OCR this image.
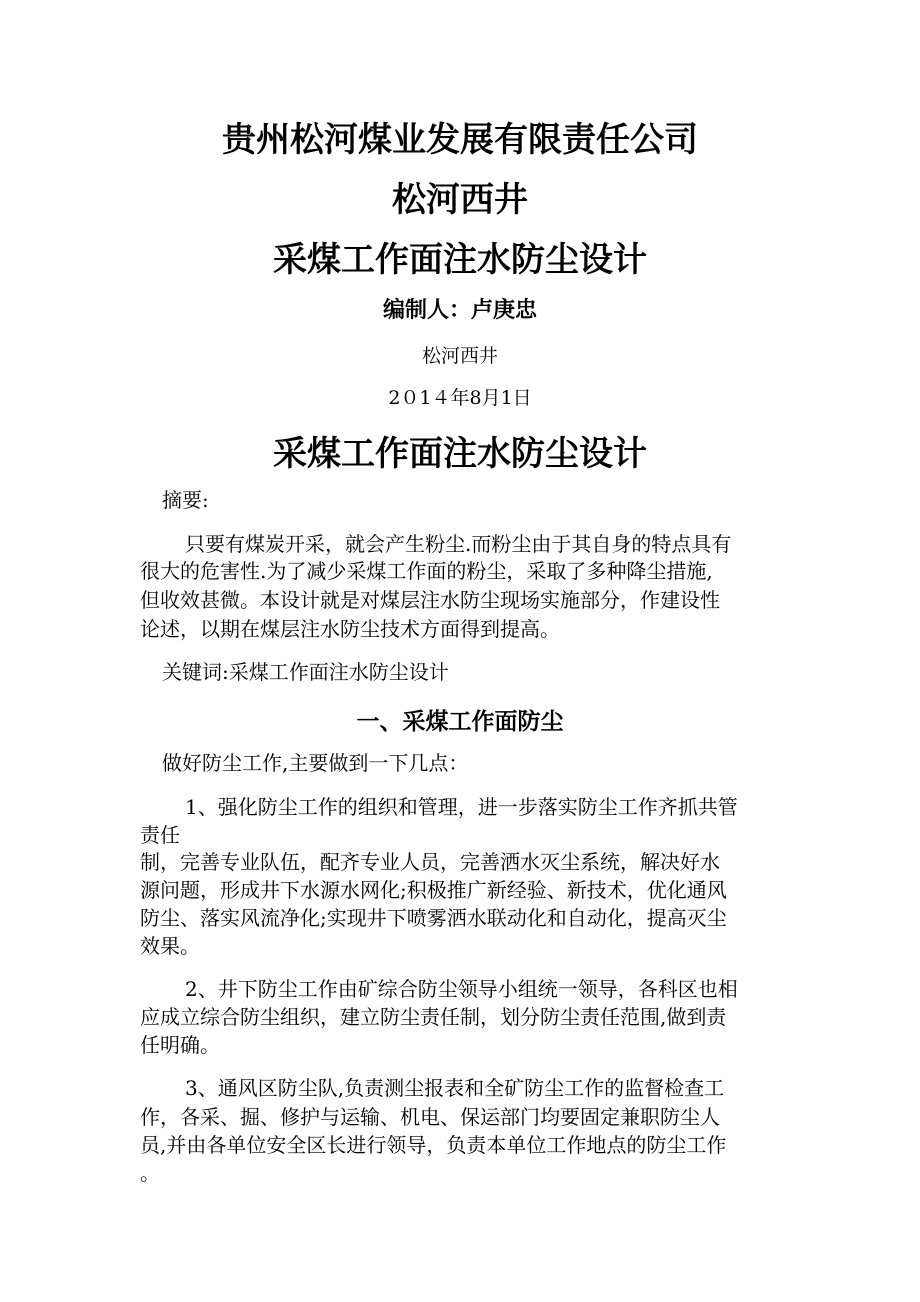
贵州松河煤业发展有限责任公司
松河西井
采煤工作面注水防尘设计
编制人：卢庚忠
松河西井
2０1４年8月1日
采煤工作面注水防尘设计
摘要:
只要有煤炭开采，就会产生粉尘.而粉尘由于其自身的特点具有
很大的危害性.为了减少采煤工作面的粉尘，采取了多种降尘措施,
但收效甚微。本设计就是对煤层注水防尘现场实施部分，作建设性
论述，以期在煤层注水防尘技术方面得到提高。
关键词:采煤工作面注水防尘设计
一、采煤工作面防尘
做好防尘工作,主要做到一下几点：
1、强化防尘工作的组织和管理，进一步落实防尘工作齐抓共管
责任
制，完善专业队伍，配齐专业人员，完善洒水灭尘系统，解决好水
源问题，形成井下水源水网化;积极推广新经验、新技术，优化通风
防尘、落实风流净化;实现井下喷雾洒水联动化和自动化，提高灭尘
效果。
2、井下防尘工作由矿综合防尘领导小组统一领导，各科区也相
应成立综合防尘组织，建立防尘责任制，划分防尘责任范围,做到责
任明确。
3、通风区防尘队,负责测尘报表和全矿防尘工作的监督检查工
作，各采、掘、修护与运输、机电、保运部门均要固定兼职防尘人
员,并由各单位安全区长进行领导，负责本单位工作地点的防尘工作
。
